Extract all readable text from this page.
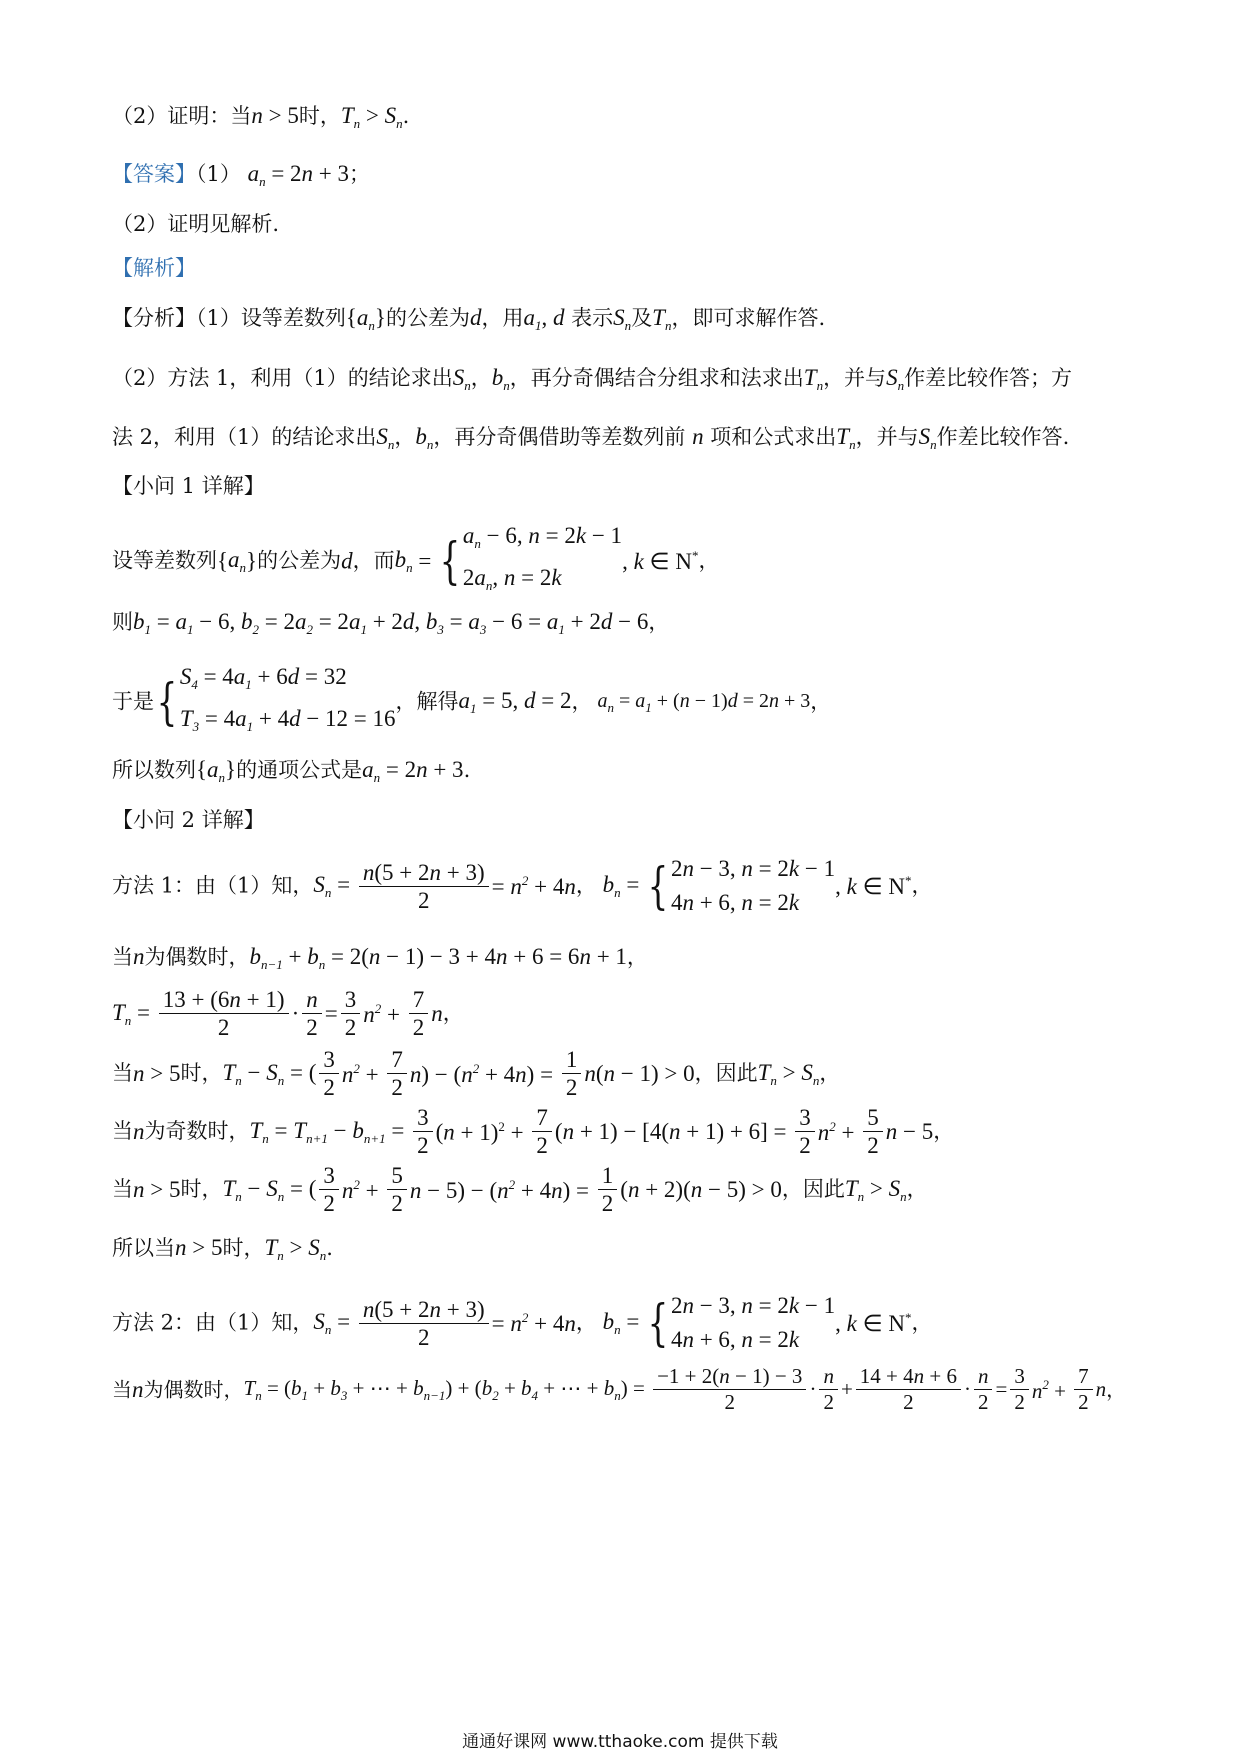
（2）证明：当n > 5时，$T_n > S_n$.
【答案】（1） $a_n = 2n + 3$；
（2）证明见解析.
【解析】
【分析】（1）设等差数列$\{a_n\}$的公差为d，用$a_1$, d 表示$S_n$及$T_n$，即可求解作答.
（2）方法 1，利用（1）的结论求出$S_n$，$b_n$，再分奇偶结合分组求和法求出$T_n$，并与$S_n$作差比较作答；方
法 2，利用（1）的结论求出$S_n$，$b_n$，再分奇偶借助等差数列前 n 项和公式求出$T_n$，并与$S_n$作差比较作答.
【小问 1 详解】
设等差数列$\{a_n\}$的公差为d，而$b_n$ = { $a_n - 6$, n = 2k − 1
$2a_n$, n = 2k
, k ∈ N*，
则$b_1 = a_1 - 6$, $b_2 = 2a_2 = 2a_1 + 2d$, $b_3 = a_3 - 6 = a_1 + 2d - 6$，
于是{ $S_4 = 4a_1 + 6d = 32$
$T_3 = 4a_1 + 4d - 12 = 16$
，解得$a_1 = 5$, d = 2， $a_n = a_1 + (n - 1)d = 2n + 3$，
所以数列$\{a_n\}$的通项公式是$a_n = 2n + 3$.
【小问 2 详解】
方法 1：由（1）知，$S_n = \frac{n(5 + 2n + 3)}{2} = n^2 + 4n$， $b_n$ = { 2n − 3, n = 2k − 1
4n + 6, n = 2k
, k ∈ N*，
当n为偶数时，$b_{n-1} + b_n = 2(n - 1) - 3 + 4n + 6 = 6n + 1$，
$T_n = \frac{13 + (6n + 1)}{2} \cdot \frac{n}{2} = \frac{3}{2} n^2 + \frac{7}{2}$ n，
当n > 5时，$T_n - S_n$ = ( $\frac{3}{2} n^2 + \frac{7}{2} n) - (n^2 + 4n) = \frac{1}{2} n(n - 1) > 0$，因此$T_n > S_n$，
当n为奇数时，$T_n = T_{n+1} - b_{n+1} = \frac{3}{2} (n + 1)^2 + \frac{7}{2} (n + 1) - [4(n + 1) + 6] = \frac{3}{2} n^2 + \frac{5}{2}$ n − 5，
当n > 5时，$T_n - S_n$ = ( $\frac{3}{2} n^2 + \frac{5}{2}$ $n - 5) - (n^2 + 4n) = \frac{1}{2} (n + 2)(n - 5) > 0$，因此$T_n > S_n$，
所以当n > 5时，$T_n > S_n$.
方法 2：由（1）知，$S_n = \frac{n(5 + 2n + 3)}{2} = n^2 + 4n$， $b_n$ = { 2n − 3, n = 2k − 1
4n + 6, n = 2k
, k ∈ N*，
当n为偶数时，$T_n = (b_1 + b_3$ + ⋯ + $b_{n-1}) + (b_2 + b_4$ + ⋯ + $b_n) = \frac{-1 + 2(n - 1) - 3}{2} \cdot \frac{n}{2} + \frac{14 + 4n + 6}{2} \cdot \frac{n}{2} = \frac{3}{2} n^2 + \frac{7}{2}$ n，
通通好课网 www.tthaoke.com 提供下载
